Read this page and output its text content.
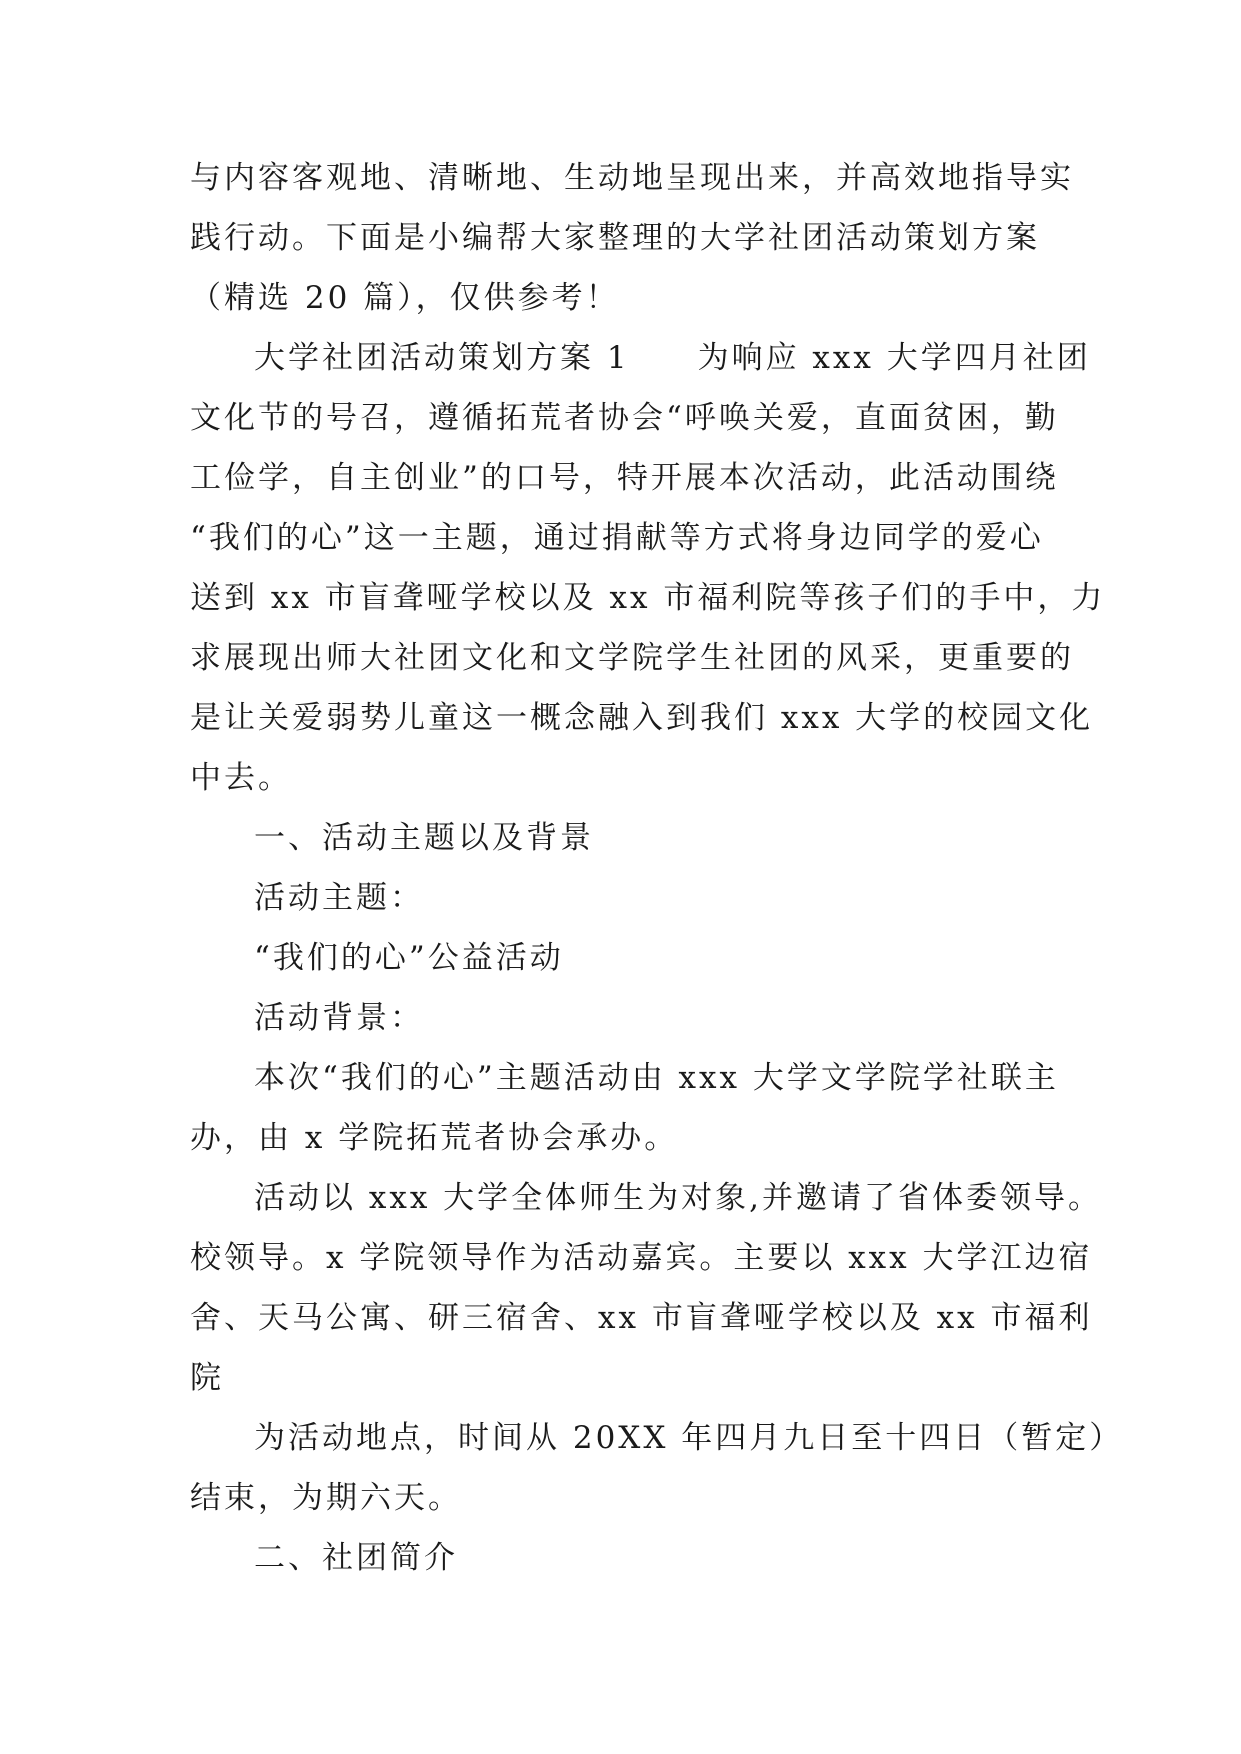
与内容客观地、清晰地、生动地呈现出来，并高效地指导实
践行动。下面是小编帮大家整理的大学社团活动策划方案
（精选 20 篇），仅供参考！

大学社团活动策划方案 1　　为响应 xxx 大学四月社团
文化节的号召，遵循拓荒者协会“呼唤关爱，直面贫困，勤
工俭学，自主创业”的口号，特开展本次活动，此活动围绕
“我们的心”这一主题，通过捐献等方式将身边同学的爱心
送到 xx 市盲聋哑学校以及 xx 市福利院等孩子们的手中，力
求展现出师大社团文化和文学院学生社团的风采，更重要的
是让关爱弱势儿童这一概念融入到我们 xxx 大学的校园文化
中去。

一、活动主题以及背景

活动主题：

“我们的心”公益活动

活动背景：

本次“我们的心”主题活动由 xxx 大学文学院学社联主
办，由 x 学院拓荒者协会承办。

活动以 xxx 大学全体师生为对象,并邀请了省体委领导。
校领导。x 学院领导作为活动嘉宾。主要以 xxx 大学江边宿
舍、天马公寓、研三宿舍、xx 市盲聋哑学校以及 xx 市福利
院

为活动地点，时间从 20XX 年四月九日至十四日（暂定）
结束，为期六天。

二、社团简介
